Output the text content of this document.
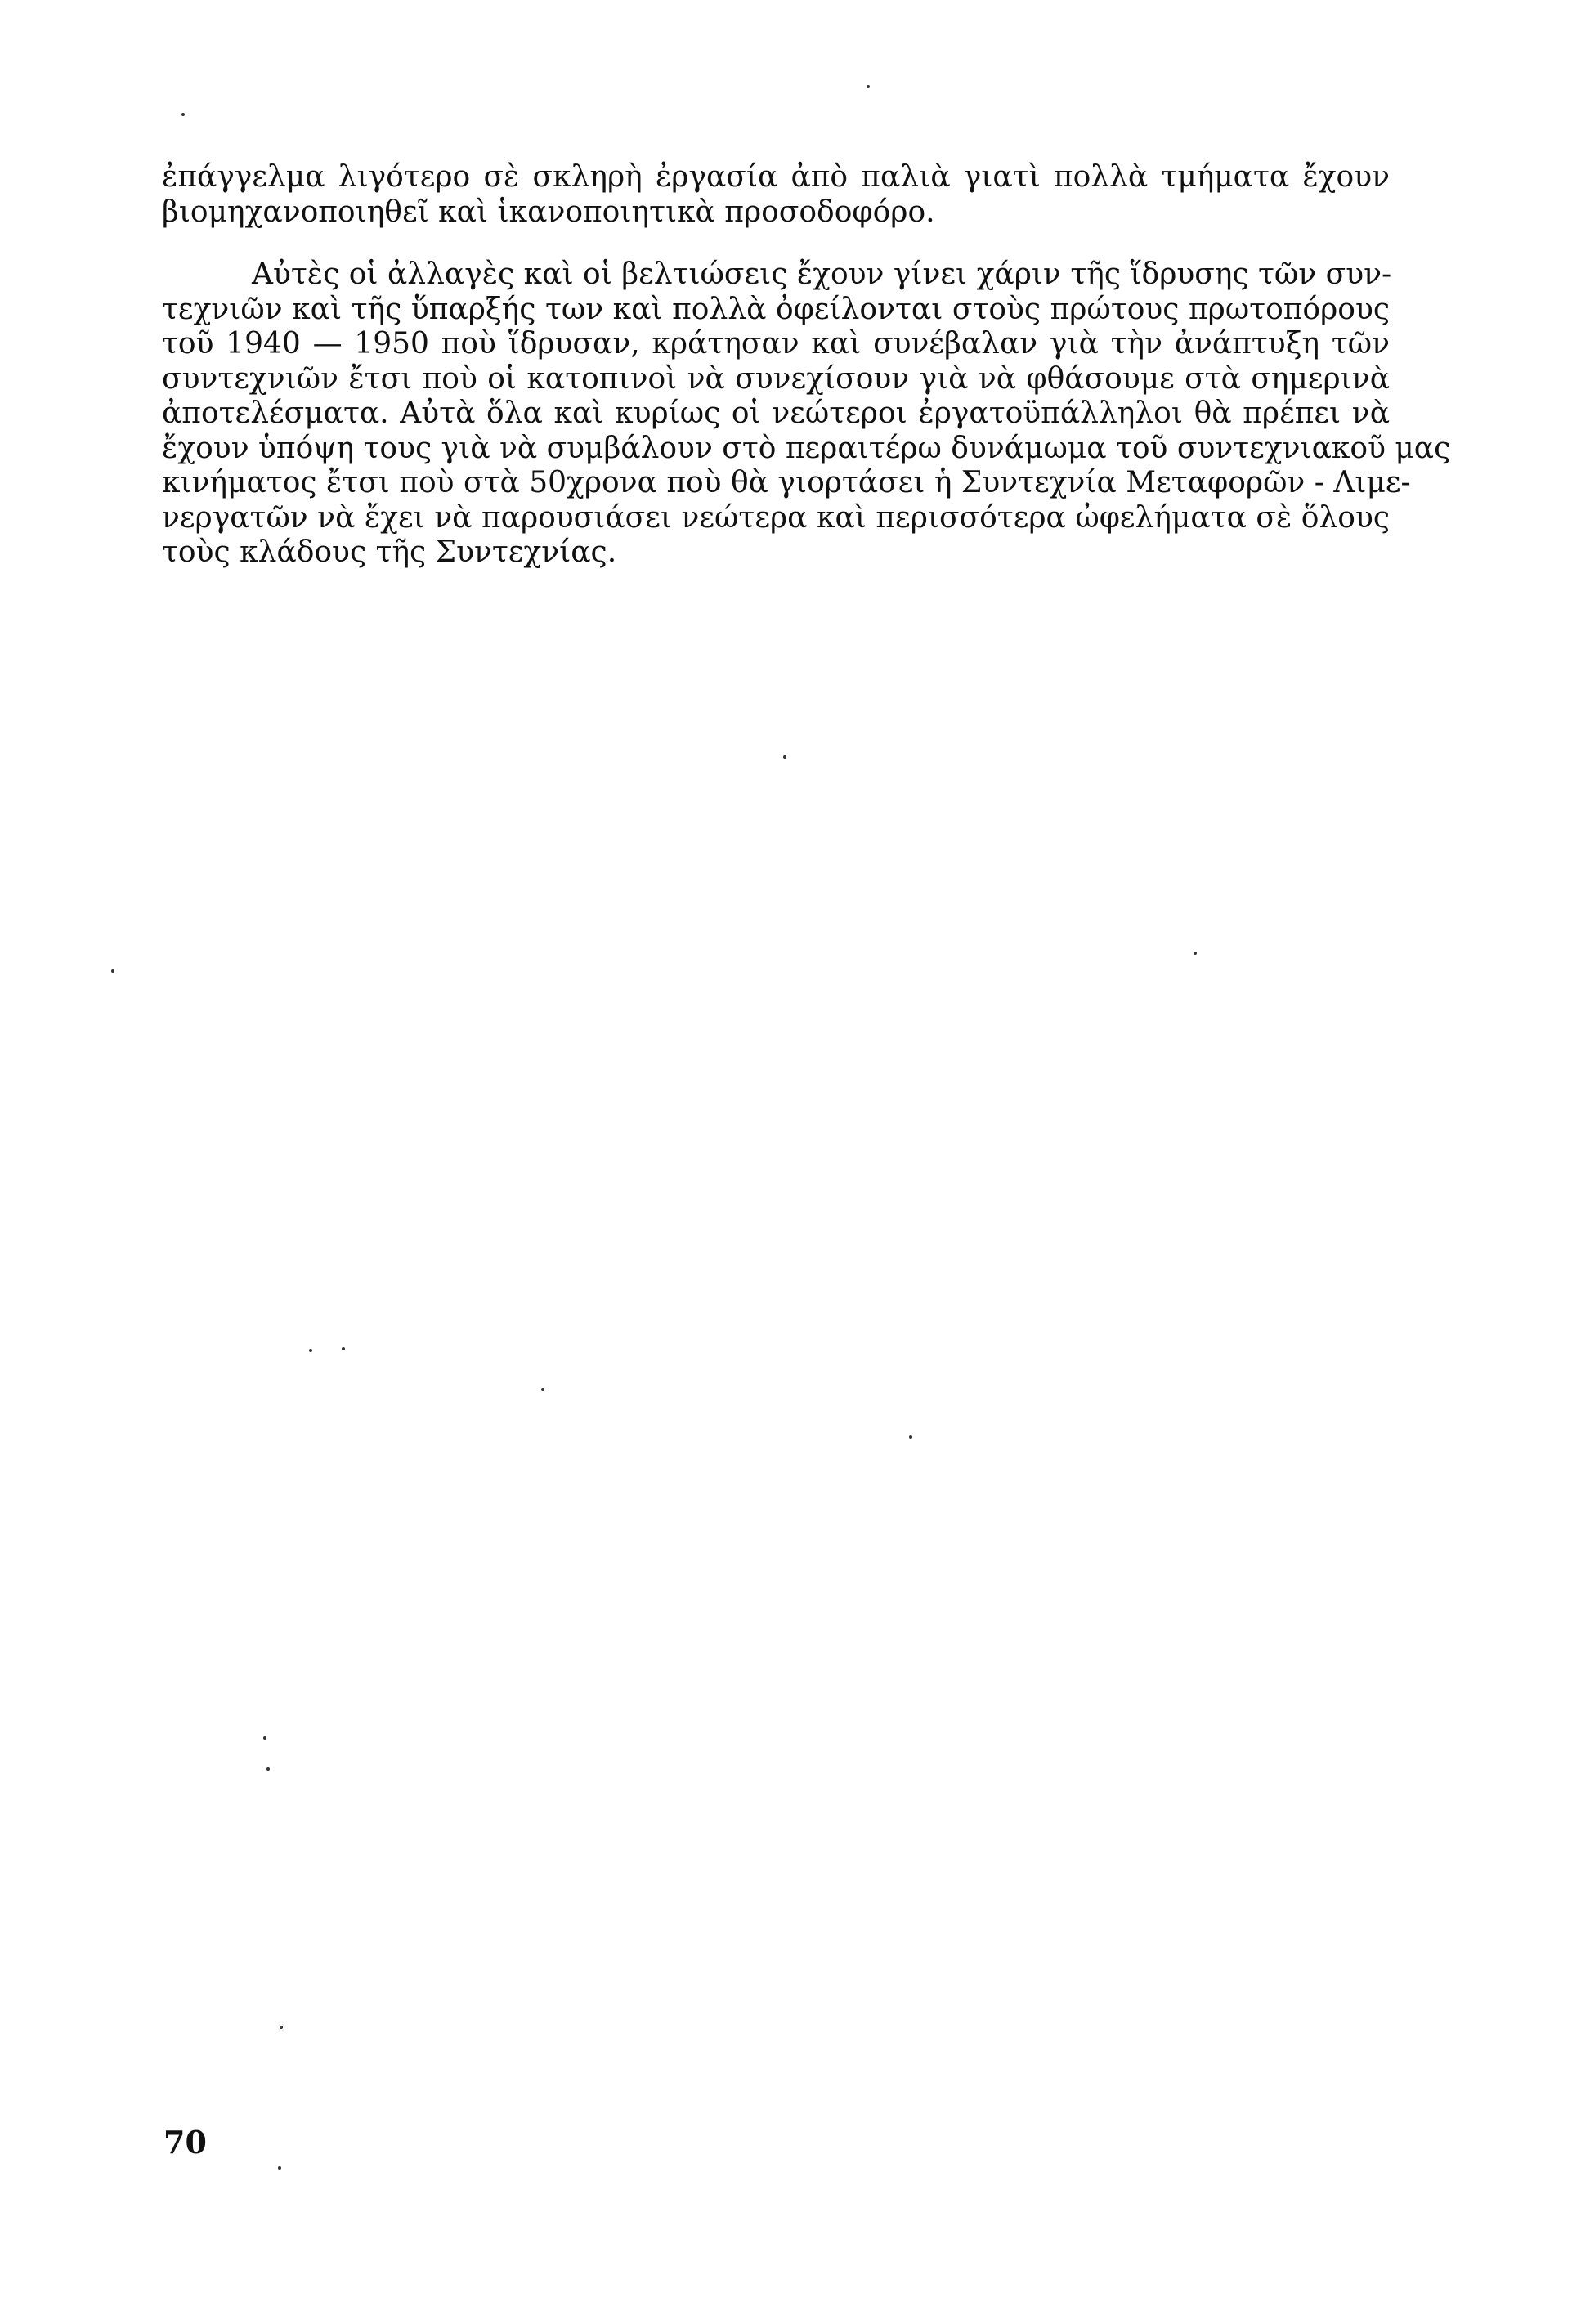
ἐπάγγελμα λιγότερο σὲ σκληρὴ ἐργασία ἀπὸ παλιὰ γιατὶ πολλὰ τμήματα ἔχουν
βιομηχανοποιηθεῖ καὶ ἱκανοποιητικὰ προσοδοφόρο.
Αὐτὲς οἱ ἀλλαγὲς καὶ οἱ βελτιώσεις ἔχουν γίνει χάριν τῆς ἵδρυσης τῶν συν-
τεχνιῶν καὶ τῆς ὕπαρξής των καὶ πολλὰ ὀφείλονται στοὺς πρώτους πρωτοπόρους
τοῦ 1940 — 1950 ποὺ ἵδρυσαν, κράτησαν καὶ συνέβαλαν γιὰ τὴν ἀνάπτυξη τῶν
συντεχνιῶν ἔτσι ποὺ οἱ κατοπινοὶ νὰ συνεχίσουν γιὰ νὰ φθάσουμε στὰ σημερινὰ
ἀποτελέσματα. Αὐτὰ ὅλα καὶ κυρίως οἱ νεώτεροι ἐργατοϋπάλληλοι θὰ πρέπει νὰ
ἔχουν ὑπόψη τους γιὰ νὰ συμβάλουν στὸ περαιτέρω δυνάμωμα τοῦ συντεχνιακοῦ μας
κινήματος ἔτσι ποὺ στὰ 50χρονα ποὺ θὰ γιορτάσει ἡ Συντεχνία Μεταφορῶν - Λιμε-
νεργατῶν νὰ ἔχει νὰ παρουσιάσει νεώτερα καὶ περισσότερα ὠφελήματα σὲ ὅλους
τοὺς κλάδους τῆς Συντεχνίας.
70
